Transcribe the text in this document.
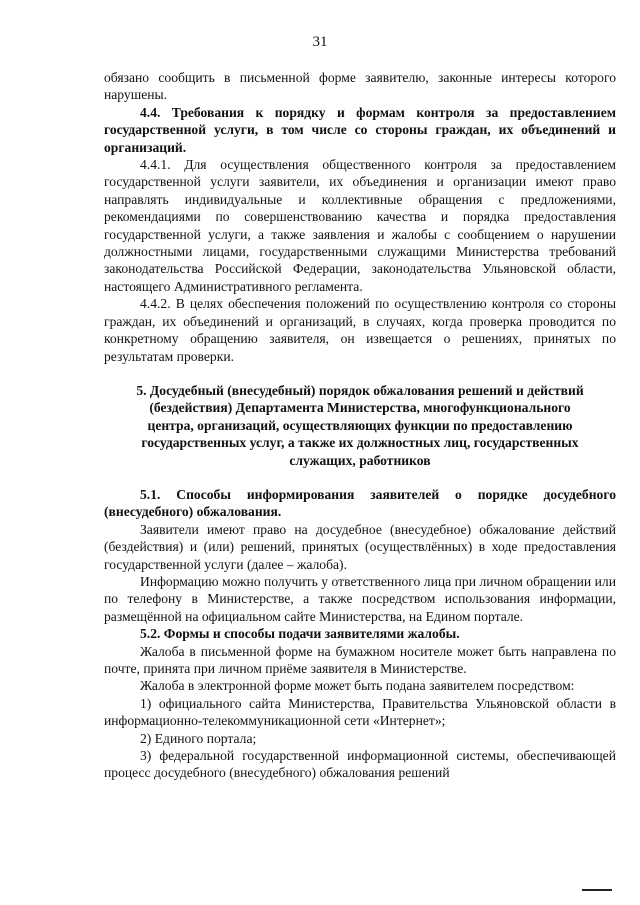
31

обязано сообщить в письменной форме заявителю, законные интересы которого нарушены.

4.4. Требования к порядку и формам контроля за предоставлением государственной услуги, в том числе со стороны граждан, их объединений и организаций.

4.4.1. Для осуществления общественного контроля за предоставлением государственной услуги заявители, их объединения и организации имеют право направлять индивидуальные и коллективные обращения с предложениями, рекомендациями по совершенствованию качества и порядка предоставления государственной услуги, а также заявления и жалобы с сообщением о нарушении должностными лицами, государственными служащими Министерства требований законодательства Российской Федерации, законодательства Ульяновской области, настоящего Административного регламента.

4.4.2. В целях обеспечения положений по осуществлению контроля со стороны граждан, их объединений и организаций, в случаях, когда проверка проводится по конкретному обращению заявителя, он извещается о решениях, принятых по результатам проверки.

5. Досудебный (внесудебный) порядок обжалования решений и действий (бездействия) Департамента Министерства, многофункционального центра, организаций, осуществляющих функции по предоставлению государственных услуг, а также их должностных лиц, государственных служащих, работников

5.1. Способы информирования заявителей о порядке досудебного (внесудебного) обжалования.

Заявители имеют право на досудебное (внесудебное) обжалование действий (бездействия) и (или) решений, принятых (осуществлённых) в ходе предоставления государственной услуги (далее – жалоба).

Информацию можно получить у ответственного лица при личном обращении или по телефону в Министерстве, а также посредством использования информации, размещённой на официальном сайте Министерства, на Едином портале.

5.2. Формы и способы подачи заявителями жалобы.

Жалоба в письменной форме на бумажном носителе может быть направлена по почте, принята при личном приёме заявителя в Министерстве.

Жалоба в электронной форме может быть подана заявителем посредством:

1) официального сайта Министерства, Правительства Ульяновской области в информационно-телекоммуникационной сети «Интернет»;

2) Единого портала;

3) федеральной государственной информационной системы, обеспечивающей процесс досудебного (внесудебного) обжалования решений
